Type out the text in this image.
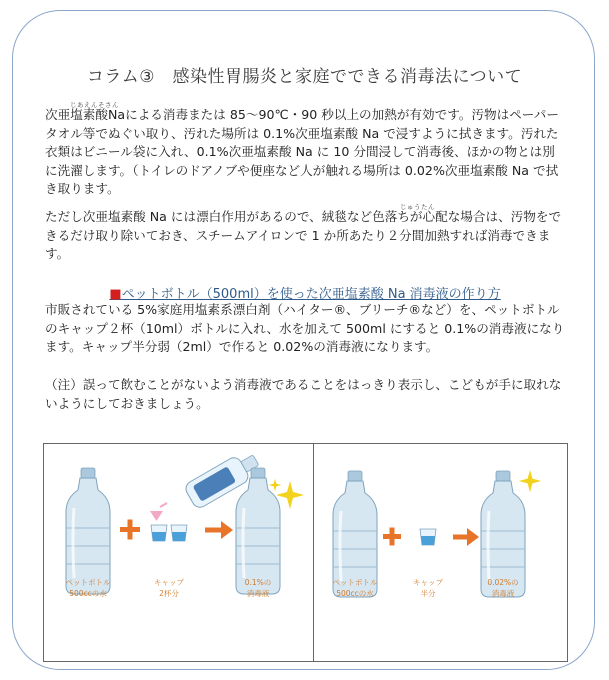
コラム③　感染性胃腸炎と家庭でできる消毒法について
じあえんそさん
次亜塩素酸Naによる消毒または 85～90℃・90 秒以上の加熱が有効です。汚物はペーパータオル等でぬぐい取り、汚れた場所は 0.1%次亜塩素酸 Na で浸すように拭きます。汚れた衣類はビニール袋に入れ、0.1%次亜塩素酸 Na に 10 分間浸して消毒後、ほかの物とは別に洗濯します。（トイレのドアノブや便座など人が触れる場所は 0.02%次亜塩素酸 Na で拭き取ります。
じゅうたん
ただし次亜塩素酸 Na には漂白作用があるので、絨毯など色落ちが心配な場合は、汚物をできるだけ取り除いておき、スチームアイロンで 1 か所あたり２分間加熱すれば消毒できます。
■ペットボトル（500ml）を使った次亜塩素酸 Na 消毒液の作り方
市販されている 5%家庭用塩素系漂白剤（ハイター®、ブリーチ®など）を、ペットボトルのキャップ２杯（10ml）ボトルに入れ、水を加えて 500ml にすると 0.1%の消毒液になります。キャップ半分弱（2ml）で作ると 0.02%の消毒液になります。
（注）誤って飲むことがないよう消毒液であることをはっきり表示し、こどもが手に取れないようにしておきましょう。
ペットボトル
500ccの水
キャップ
2杯分
0.1%の
消毒液
ペットボトル
500ccの水
キャップ
半分
0.02%の
消毒液
